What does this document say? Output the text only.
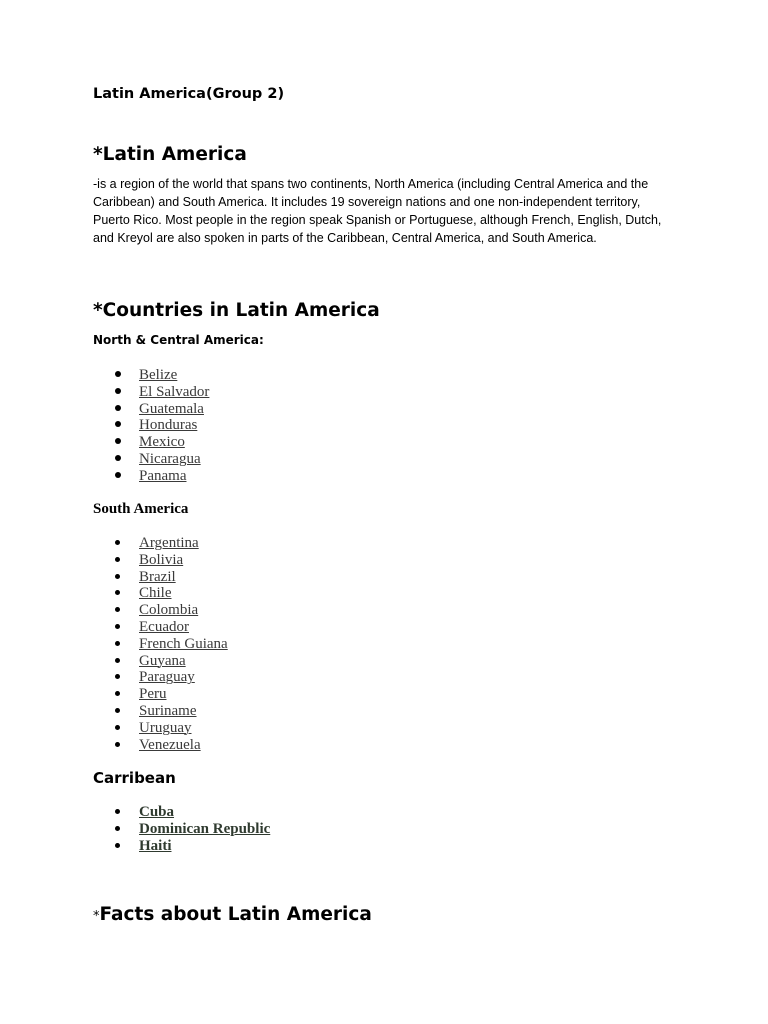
Latin America(Group 2)
*Latin America

-is a region of the world that spans two continents, North America (including Central America and the Caribbean) and South America. It includes 19 sovereign nations and one non-independent territory, Puerto Rico. Most people in the region speak Spanish or Portuguese, although French, English, Dutch, and Kreyol are also spoken in parts of the Caribbean, Central America, and South America.

*Countries in Latin America
North & Central America:
Belize
El Salvador
Guatemala
Honduras
Mexico
Nicaragua
Panama
South America
Argentina
Bolivia
Brazil
Chile
Colombia
Ecuador
French Guiana
Guyana
Paraguay
Peru
Suriname
Uruguay
Venezuela
Carribean
Cuba
Dominican Republic
Haiti
*Facts about Latin America
